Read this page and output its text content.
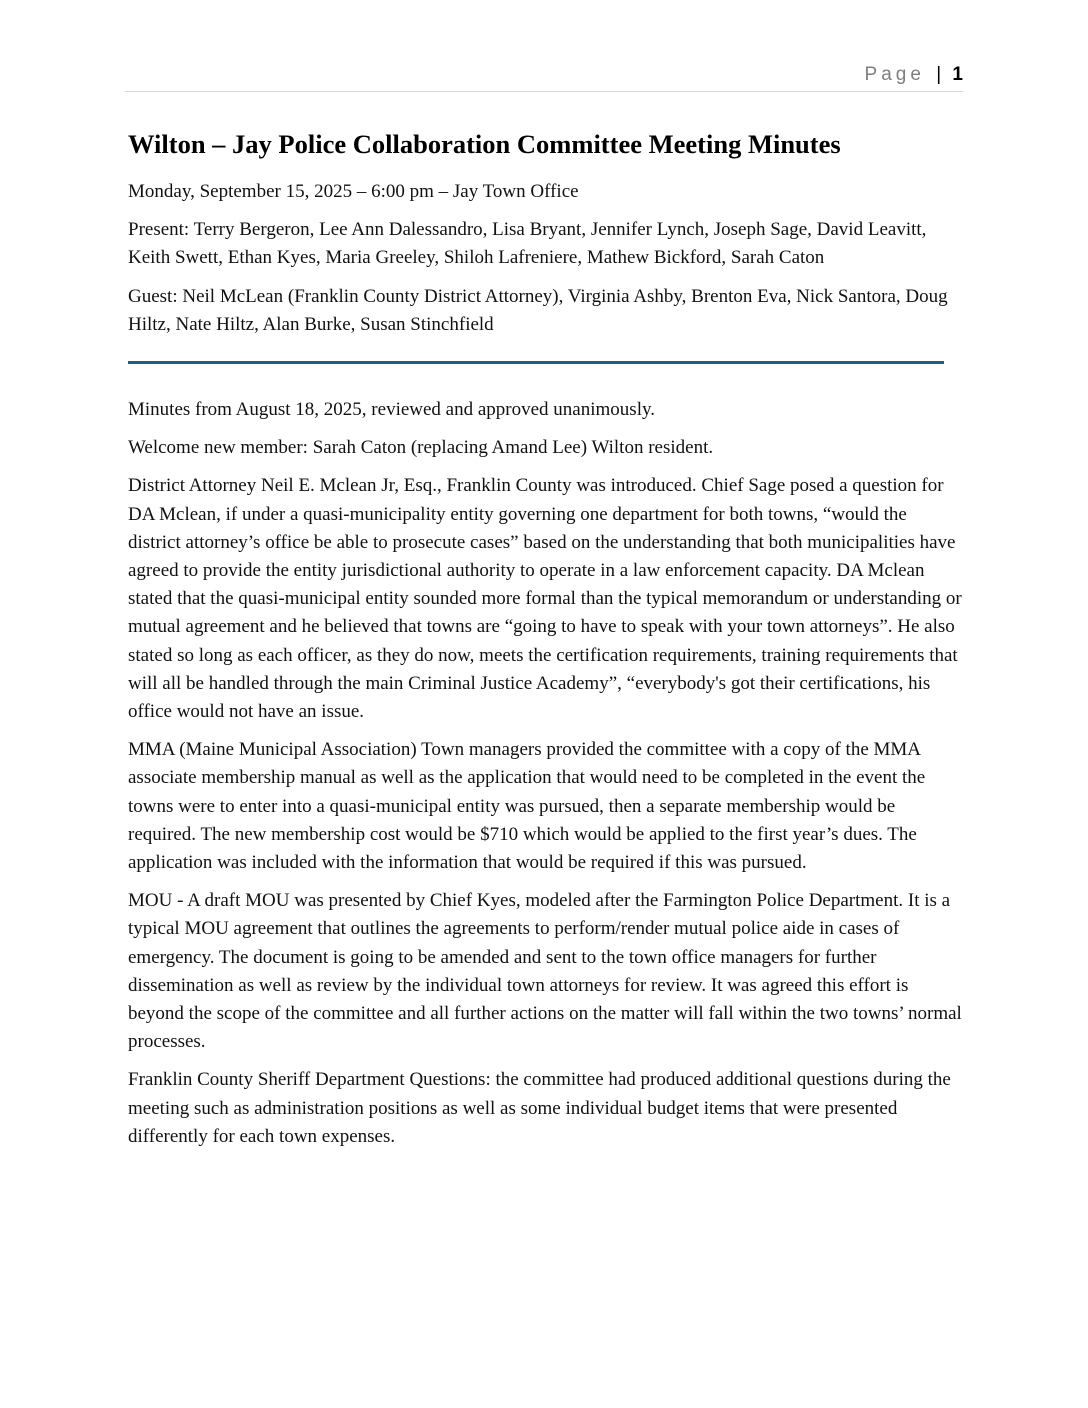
Page | 1
Wilton – Jay Police Collaboration Committee Meeting Minutes

Monday, September 15, 2025 – 6:00 pm – Jay Town Office

Present: Terry Bergeron, Lee Ann Dalessandro, Lisa Bryant, Jennifer Lynch, Joseph Sage, David Leavitt, Keith Swett, Ethan Kyes, Maria Greeley, Shiloh Lafreniere, Mathew Bickford, Sarah Caton

Guest: Neil McLean (Franklin County District Attorney), Virginia Ashby, Brenton Eva, Nick Santora, Doug Hiltz, Nate Hiltz, Alan Burke, Susan Stinchfield

Minutes from August 18, 2025, reviewed and approved unanimously.

Welcome new member: Sarah Caton (replacing Amand Lee) Wilton resident.

District Attorney Neil E. Mclean Jr, Esq., Franklin County was introduced. Chief Sage posed a question for DA Mclean, if under a quasi-municipality entity governing one department for both towns, “would the district attorney’s office be able to prosecute cases” based on the understanding that both municipalities have agreed to provide the entity jurisdictional authority to operate in a law enforcement capacity. DA Mclean stated that the quasi-municipal entity sounded more formal than the typical memorandum or understanding or mutual agreement and he believed that towns are “going to have to speak with your town attorneys”. He also stated so long as each officer, as they do now, meets the certification requirements, training requirements that will all be handled through the main Criminal Justice Academy”, “everybody's got their certifications, his office would not have an issue.

MMA (Maine Municipal Association) Town managers provided the committee with a copy of the MMA associate membership manual as well as the application that would need to be completed in the event the towns were to enter into a quasi-municipal entity was pursued, then a separate membership would be required. The new membership cost would be $710 which would be applied to the first year’s dues. The application was included with the information that would be required if this was pursued.

MOU - A draft MOU was presented by Chief Kyes, modeled after the Farmington Police Department. It is a typical MOU agreement that outlines the agreements to perform/render mutual police aide in cases of emergency. The document is going to be amended and sent to the town office managers for further dissemination as well as review by the individual town attorneys for review. It was agreed this effort is beyond the scope of the committee and all further actions on the matter will fall within the two towns’ normal processes.

Franklin County Sheriff Department Questions: the committee had produced additional questions during the meeting such as administration positions as well as some individual budget items that were presented differently for each town expenses.
